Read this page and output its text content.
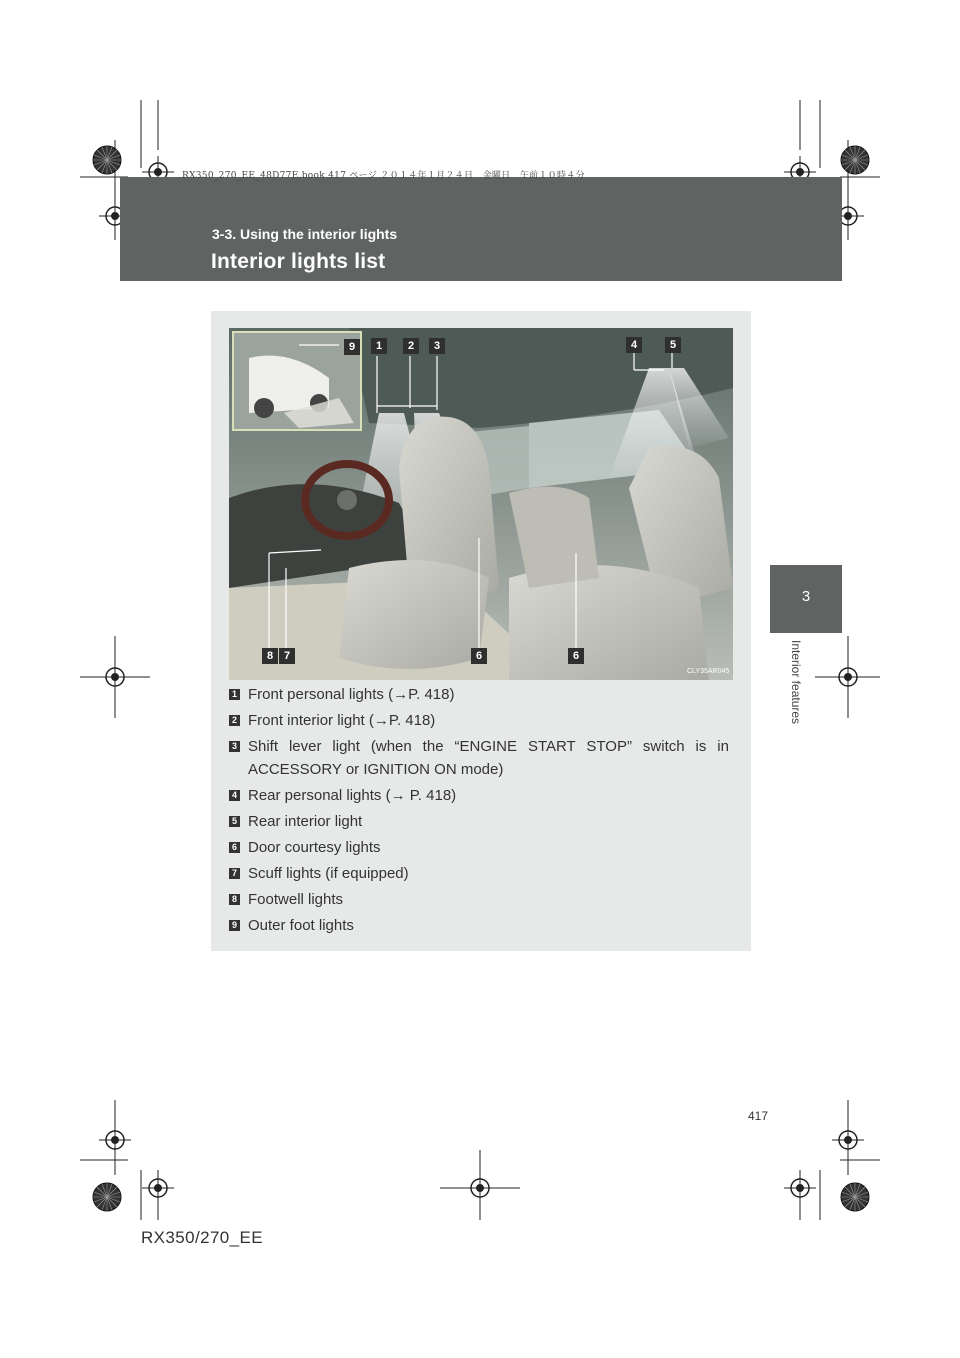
RX350_270_EE_48D77E.book 417 ページ ２０１４年１月２４日　金曜日　午前１０時４分
3-3. Using the interior lights
Interior lights list
3
Interior features
9	1	2	3	4	5
8 7	6	6
CLY35AR045
1 Front personal lights (→P. 418)
2 Front interior light (→P. 418)
3 Shift lever light (when the “ENGINE START STOP” switch is in ACCESSORY or IGNITION ON mode)
4 Rear personal lights (→ P. 418)
5 Rear interior light
6 Door courtesy lights
7 Scuff lights (if equipped)
8 Footwell lights
9 Outer foot lights
417
RX350/270_EE
